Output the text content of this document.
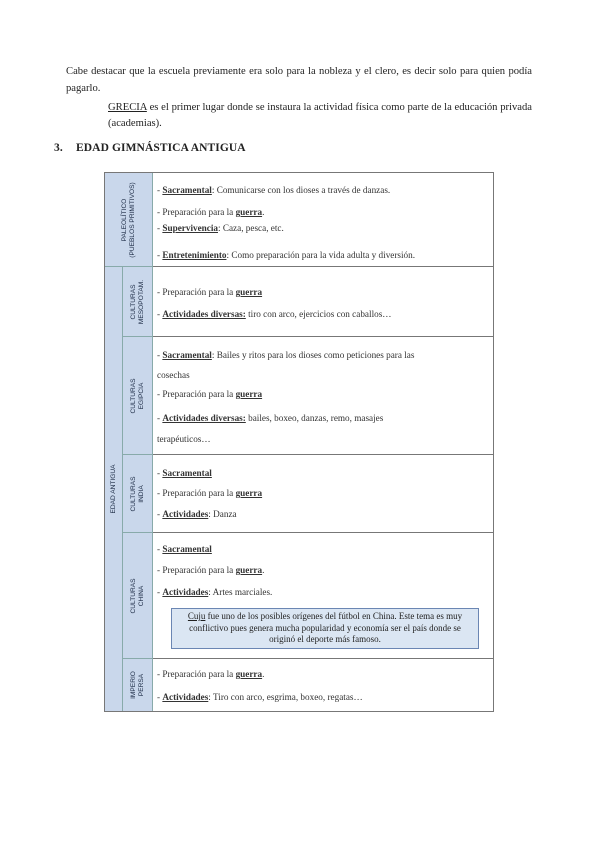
Cabe destacar que la escuela previamente era solo para la nobleza y el clero, es decir solo para quien podía pagarlo.
GRECIA es el primer lugar donde se instaura la actividad física como parte de la educación privada (academias).
3. EDAD GIMNÁSTICA ANTIGUA
PALEOLÍTICO
(PUEBLOS PRIMITIVOS) - Sacramental: Comunicarse con los dioses a través de danzas.
- Preparación para la guerra.
- Supervivencia: Caza, pesca, etc.
- Entretenimiento: Como preparación para la vida adulta y diversión.
EDAD ANTIGUA
CULTURAS
MESOPOTAM. - Preparación para la guerra
- Actividades diversas: tiro con arco, ejercicios con caballos…
CULTURAS
EGIPCIA
- Sacramental: Bailes y ritos para los dioses como peticiones para las
cosechas
- Preparación para la guerra
- Actividades diversas: bailes, boxeo, danzas, remo, masajes
terapéuticos…
CULTURAS
INDIA
- Sacramental
- Preparación para la guerra
- Actividades: Danza
CULTURAS
CHINA
- Sacramental
- Preparación para la guerra.
- Actividades: Artes marciales.
Cuju fue uno de los posibles orígenes del fútbol en China. Este tema es muy conflictivo pues genera mucha popularidad y economía ser el país donde se originó el deporte más famoso.
IMPERIO
PERSA - Preparación para la guerra.
- Actividades: Tiro con arco, esgrima, boxeo, regatas…
